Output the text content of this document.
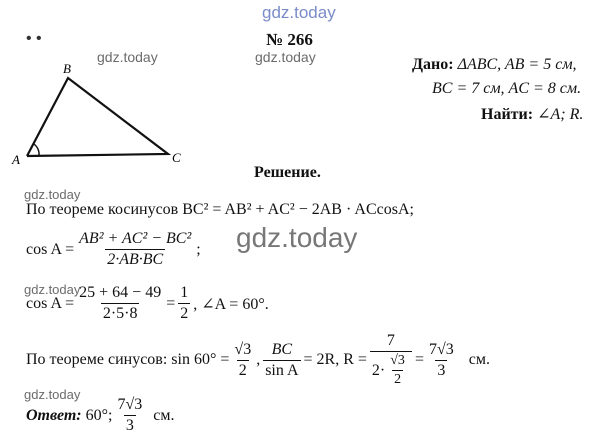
gdz.today
• •
gdz.today	gdz.today
gdz.today
gdz.today
gdz.today
gdz.today
№ 266
A
B
C
Дано: ΔABC, AB = 5 см,
BC = 7 см, AC = 8 см.
Найти: ∠A; R.
Решение.
По теореме косинусов BC² = AB² + AC² − 2AB · ACcosA;
$\cos A = \frac{\text{AB² + AC² − BC²}}{2\cdot AB\cdot BC}$ ;
$\cos A = \frac{25 + 64 - 49}{2\cdot 5\cdot 8} = \frac{1}{2}$ , ∠A = 60°.
По теореме синусов: $\sin 60^\circ = \frac{√3}{2}$ , $\frac{BC}{\text{sin A}} = 2R$, $R = \frac{7}{2\cdot \frac{√3}{2}} = \frac{7√3}{3}$ см.
Ответ: 60°; $\frac{7√3}{3}$ см.
